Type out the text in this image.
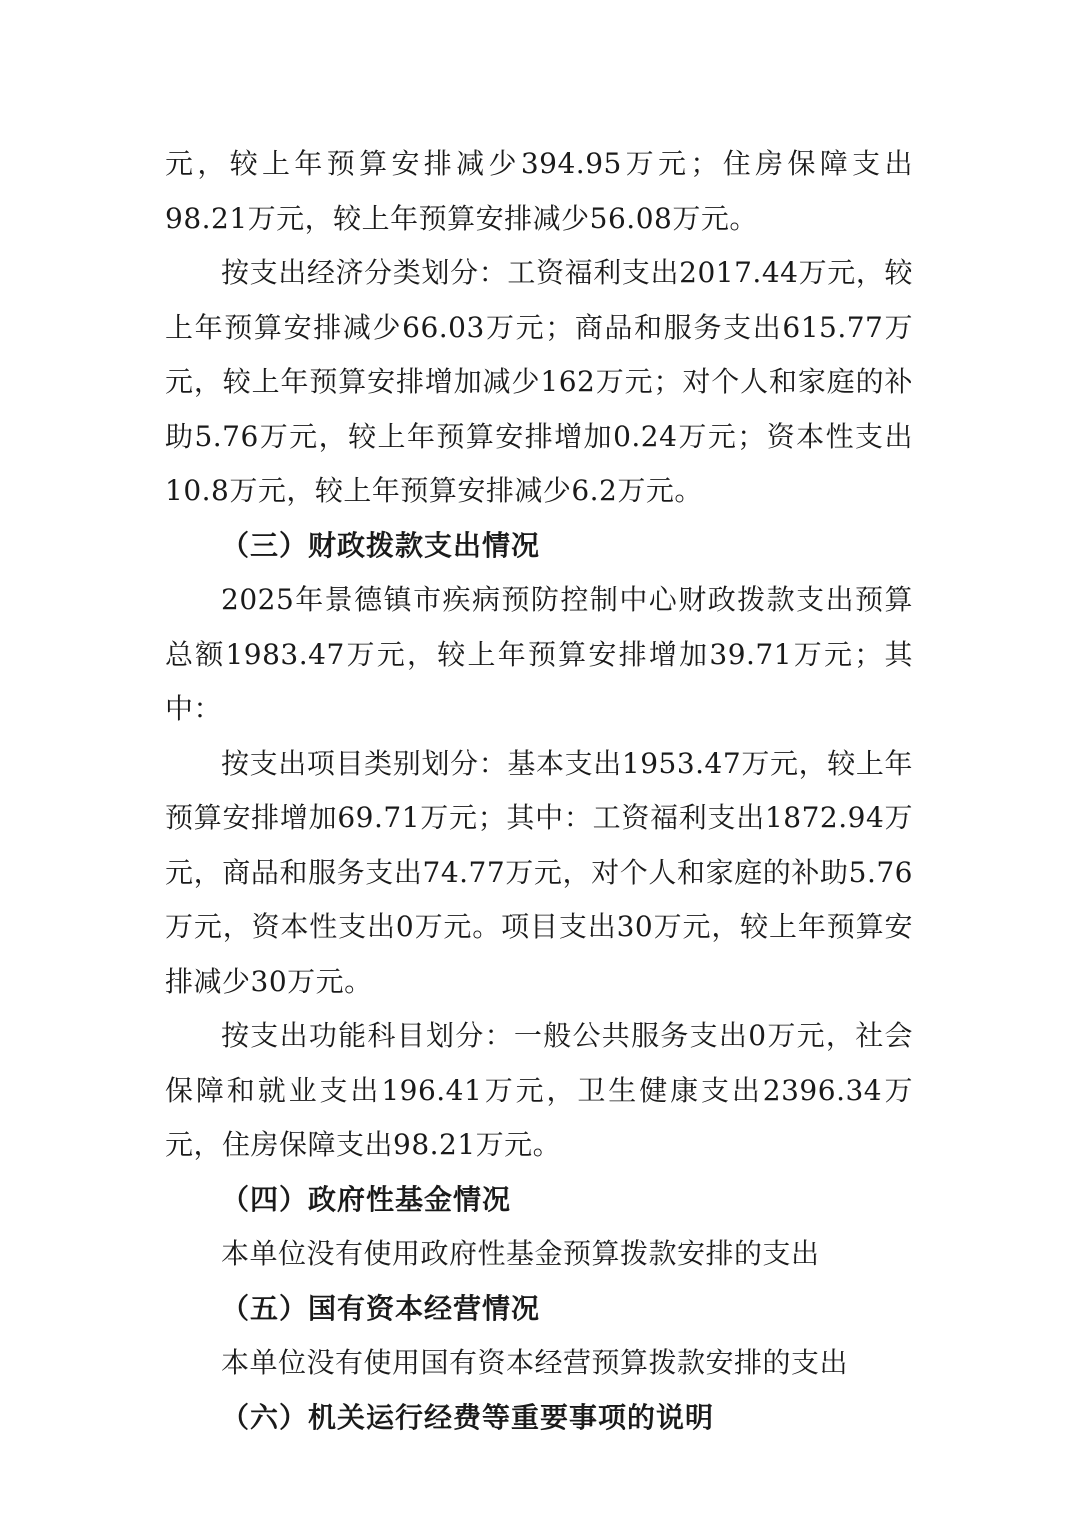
元，较上年预算安排减少394.95万元；住房保障支出98.21万元，较上年预算安排减少56.08万元。

按支出经济分类划分：工资福利支出2017.44万元，较上年预算安排减少66.03万元；商品和服务支出615.77万元，较上年预算安排增加减少162万元；对个人和家庭的补助5.76万元，较上年预算安排增加0.24万元；资本性支出10.8万元，较上年预算安排减少6.2万元。

（三）财政拨款支出情况

2025年景德镇市疾病预防控制中心财政拨款支出预算总额1983.47万元，较上年预算安排增加39.71万元；其中：

按支出项目类别划分：基本支出1953.47万元，较上年预算安排增加69.71万元；其中：工资福利支出1872.94万元，商品和服务支出74.77万元，对个人和家庭的补助5.76万元，资本性支出0万元。项目支出30万元，较上年预算安排减少30万元。

按支出功能科目划分：一般公共服务支出0万元，社会保障和就业支出196.41万元，卫生健康支出2396.34万元，住房保障支出98.21万元。

（四）政府性基金情况

本单位没有使用政府性基金预算拨款安排的支出

（五）国有资本经营情况

本单位没有使用国有资本经营预算拨款安排的支出

（六）机关运行经费等重要事项的说明
